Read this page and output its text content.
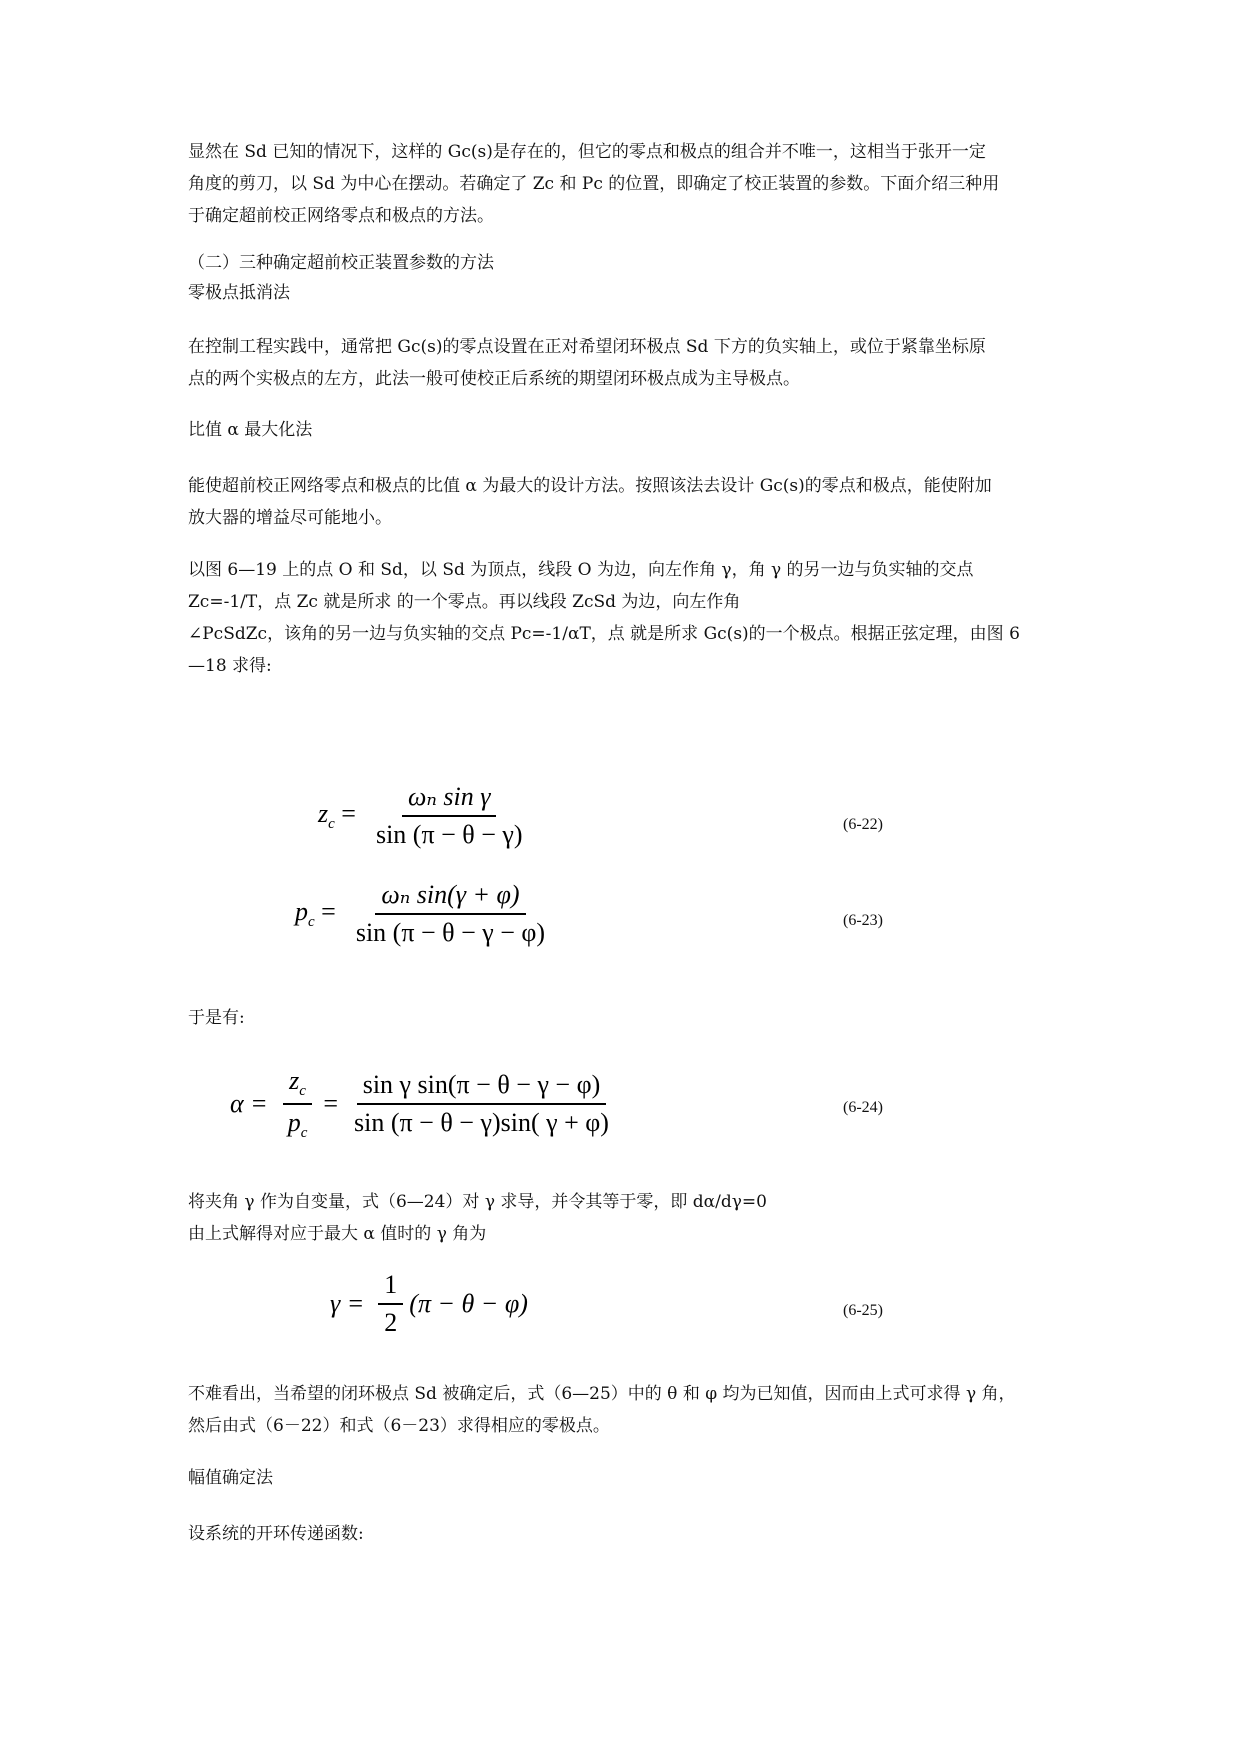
显然在 Sd 已知的情况下，这样的 Gc(s)是存在的，但它的零点和极点的组合并不唯一，这相当于张开一定
角度的剪刀，以 Sd 为中心在摆动。若确定了 Zc 和 Pc 的位置，即确定了校正装置的参数。下面介绍三种用
于确定超前校正网络零点和极点的方法。
（二）三种确定超前校正装置参数的方法
零极点抵消法
在控制工程实践中，通常把 Gc(s)的零点设置在正对希望闭环极点 Sd 下方的负实轴上，或位于紧靠坐标原
点的两个实极点的左方，此法一般可使校正后系统的期望闭环极点成为主导极点。
比值 α 最大化法
能使超前校正网络零点和极点的比值 α 为最大的设计方法。按照该法去设计 Gc(s)的零点和极点，能使附加
放大器的增益尽可能地小。
以图 6—19 上的点 O 和 Sd，以 Sd 为顶点，线段 O 为边，向左作角 γ，角 γ 的另一边与负实轴的交点
Zc=-1/T，点 Zc 就是所求 的一个零点。再以线段 ZcSd 为边，向左作角
∠PcSdZc，该角的另一边与负实轴的交点 Pc=-1/αT，点 就是所求 Gc(s)的一个极点。根据正弦定理，由图 6
—18 求得:
$z_c = \frac{\text{ωₙ sin γ}}{\sin (\pi - \theta - \gamma)}$	(6-22)
$p_c = \frac{\text{ωₙ sin(γ + φ)}}{\sin (\pi - \theta - \gamma - \varphi)}$	(6-23)
于是有:
$\alpha = \frac{z_c}{p_c} = \frac{\text{sin γ sin(π − θ − γ − φ)}}{\sin (\pi - \theta - \gamma)\sin( \gamma + \varphi)}$	(6-24)
将夹角 γ 作为自变量，式（6—24）对 γ 求导，并令其等于零，即 dα/dγ=0
由上式解得对应于最大 α 值时的 γ 角为
$\gamma = \frac{1}{2} (\pi - \theta - \varphi)$	(6-25)
不难看出，当希望的闭环极点 Sd 被确定后，式（6—25）中的 θ 和 φ 均为已知值，因而由上式可求得 γ 角，
然后由式（6－22）和式（6－23）求得相应的零极点。
幅值确定法
设系统的开环传递函数:
